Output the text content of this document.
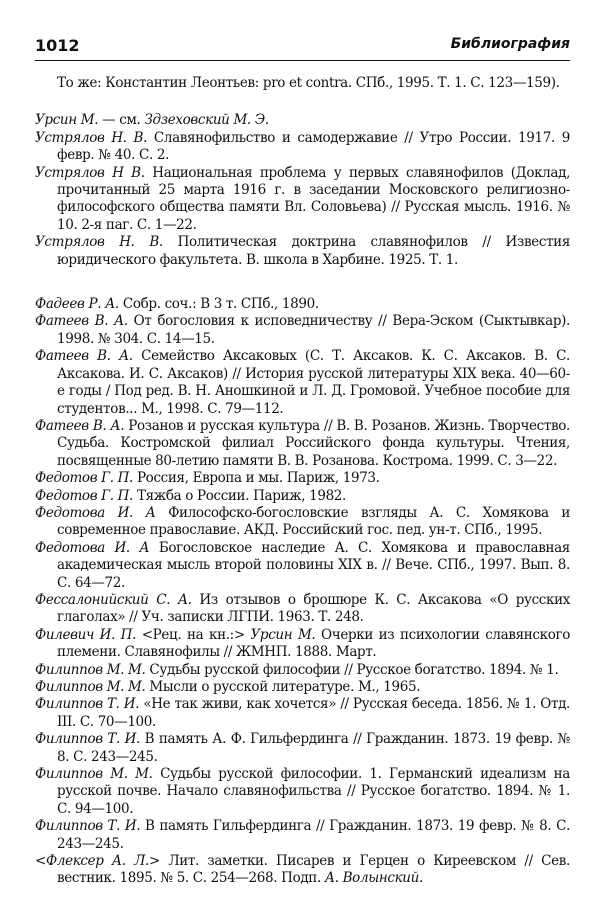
1012	Библиография

То же: Константин Леонтьев: pro et contra. СПб., 1995. Т. 1. С. 123—159).

Урсин М. — см. Здзеховский М. Э.

Устрялов Н. В. Славянофильство и самодержавие // Утро России. 1917. 9 февр. № 40. С. 2.

Устрялов Н В. Национальная проблема у первых славянофилов (Доклад, прочитанный 25 марта 1916 г. в заседании Московского религиозно-философского общества памяти Вл. Соловьева) // Русская мысль. 1916. № 10. 2-я паг. С. 1—22.

Устрялов Н. В. Политическая доктрина славянофилов // Известия юридического факультета. В. школа в Харбине. 1925. Т. 1.

Фадеев Р. А. Собр. соч.: В 3 т. СПб., 1890.

Фатеев В. А. От богословия к исповедничеству // Вера-Эском (Сыктывкар). 1998. № 304. С. 14—15.

Фатеев В. А. Семейство Аксаковых (С. Т. Аксаков. К. С. Аксаков. В. С. Аксакова. И. С. Аксаков) // История русской литературы XIX века. 40—60-е годы / Под ред. В. Н. Аношкиной и Л. Д. Громовой. Учебное пособие для студентов... М., 1998. С. 79—112.

Фатеев В. А. Розанов и русская культура // В. В. Розанов. Жизнь. Творчество. Судьба. Костромской филиал Российского фонда культуры. Чтения, посвященные 80-летию памяти В. В. Розанова. Кострома. 1999. С. 3—22.

Федотов Г. П. Россия, Европа и мы. Париж, 1973.

Федотов Г. П. Тяжба о России. Париж, 1982.

Федотова И. А Философско-богословские взгляды А. С. Хомякова и современное православие. АКД. Российский гос. пед. ун-т. СПб., 1995.

Федотова И. А Богословское наследие А. С. Хомякова и православная академическая мысль второй половины XIX в. // Вече. СПб., 1997. Вып. 8. С. 64—72.

Фессалонийский С. А. Из отзывов о брошюре К. С. Аксакова «О русских глаголах» // Уч. записки ЛГПИ. 1963. Т. 248.

Филевич И. П. <Рец. на кн.:> Урсин М. Очерки из психологии славянского племени. Славянофилы // ЖМНП. 1888. Март.

Филиппов М. М. Судьбы русской философии // Русское богатство. 1894. № 1.

Филиппов М. М. Мысли о русской литературе. М., 1965.

Филиппов Т. И. «Не так живи, как хочется» // Русская беседа. 1856. № 1. Отд. III. С. 70—100.

Филиппов Т. И. В память А. Ф. Гильфердинга // Гражданин. 1873. 19 февр. № 8. С. 243—245.

Филиппов М. М. Судьбы русской философии. 1. Германский идеализм на русской почве. Начало славянофильства // Русское богатство. 1894. № 1. С. 94—100.

Филиппов Т. И. В память Гильфердинга // Гражданин. 1873. 19 февр. № 8. С. 243—245.

<Флексер А. Л.> Лит. заметки. Писарев и Герцен о Киреевском // Сев. вестник. 1895. № 5. С. 254—268. Подп. А. Волынский.
